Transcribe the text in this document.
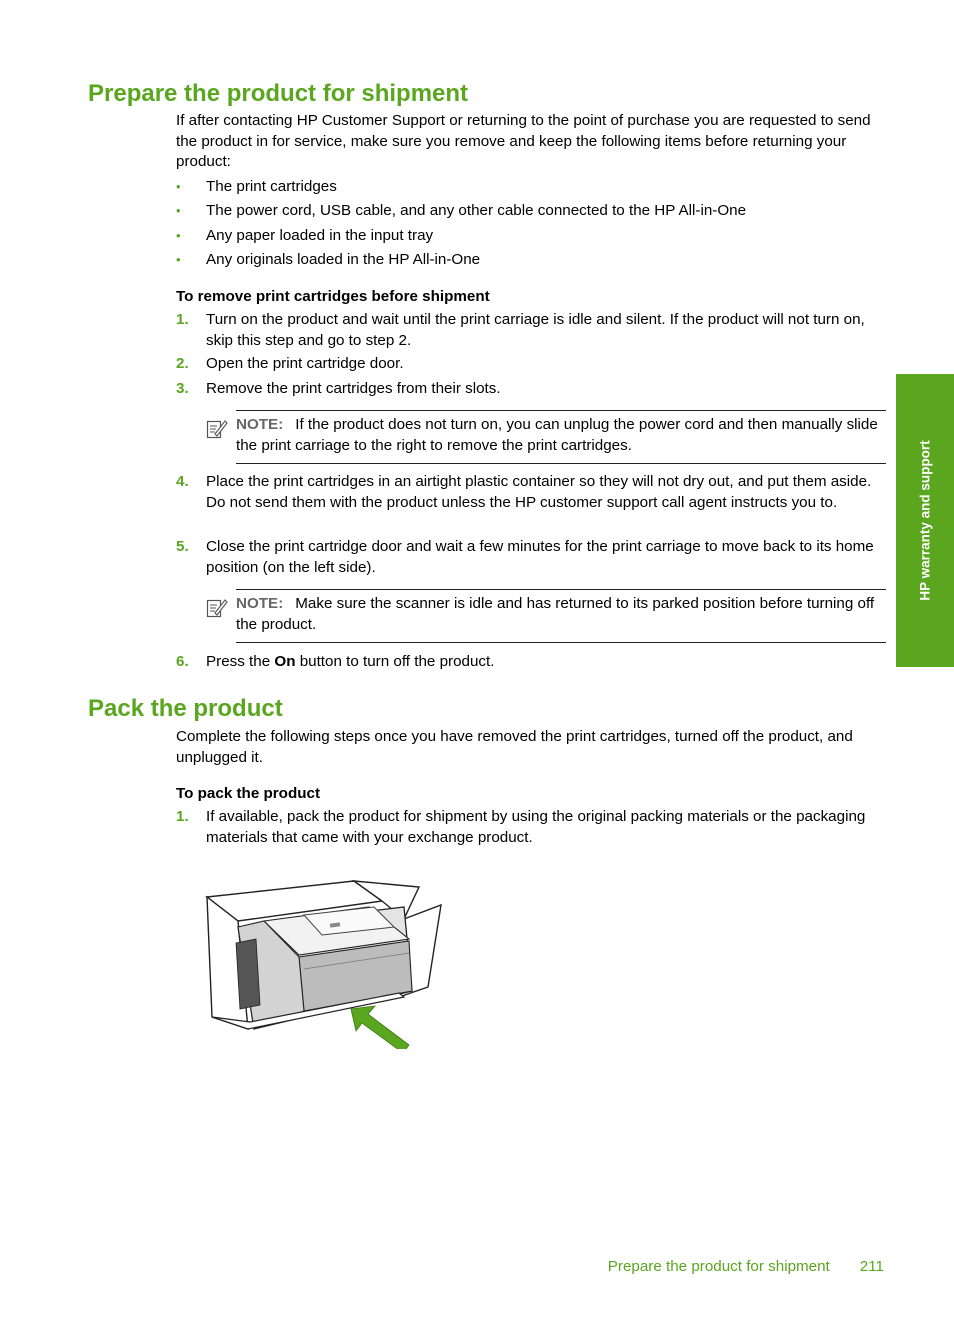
Prepare the product for shipment

If after contacting HP Customer Support or returning to the point of purchase you are requested to send the product in for service, make sure you remove and keep the following items before returning your product:

•	The print cartridges
•	The power cord, USB cable, and any other cable connected to the HP All-in-One
•	Any paper loaded in the input tray
•	Any originals loaded in the HP All-in-One

To remove print cartridges before shipment

1.	Turn on the product and wait until the print carriage is idle and silent. If the product will not turn on, skip this step and go to step 2.
2.	Open the print cartridge door.
3.	Remove the print cartridges from their slots.
NOTE: If the product does not turn on, you can unplug the power cord and then manually slide the print carriage to the right to remove the print cartridges.
4.	Place the print cartridges in an airtight plastic container so they will not dry out, and put them aside. Do not send them with the product unless the HP customer support call agent instructs you to.
5.	Close the print cartridge door and wait a few minutes for the print carriage to move back to its home position (on the left side).
NOTE: Make sure the scanner is idle and has returned to its parked position before turning off the product.
6.	Press the On button to turn off the product.
Pack the product

Complete the following steps once you have removed the print cartridges, turned off the product, and unplugged it.

To pack the product

1.	If available, pack the product for shipment by using the original packing materials or the packaging materials that came with your exchange product.
HP warranty and support
Prepare the product for shipment 211
